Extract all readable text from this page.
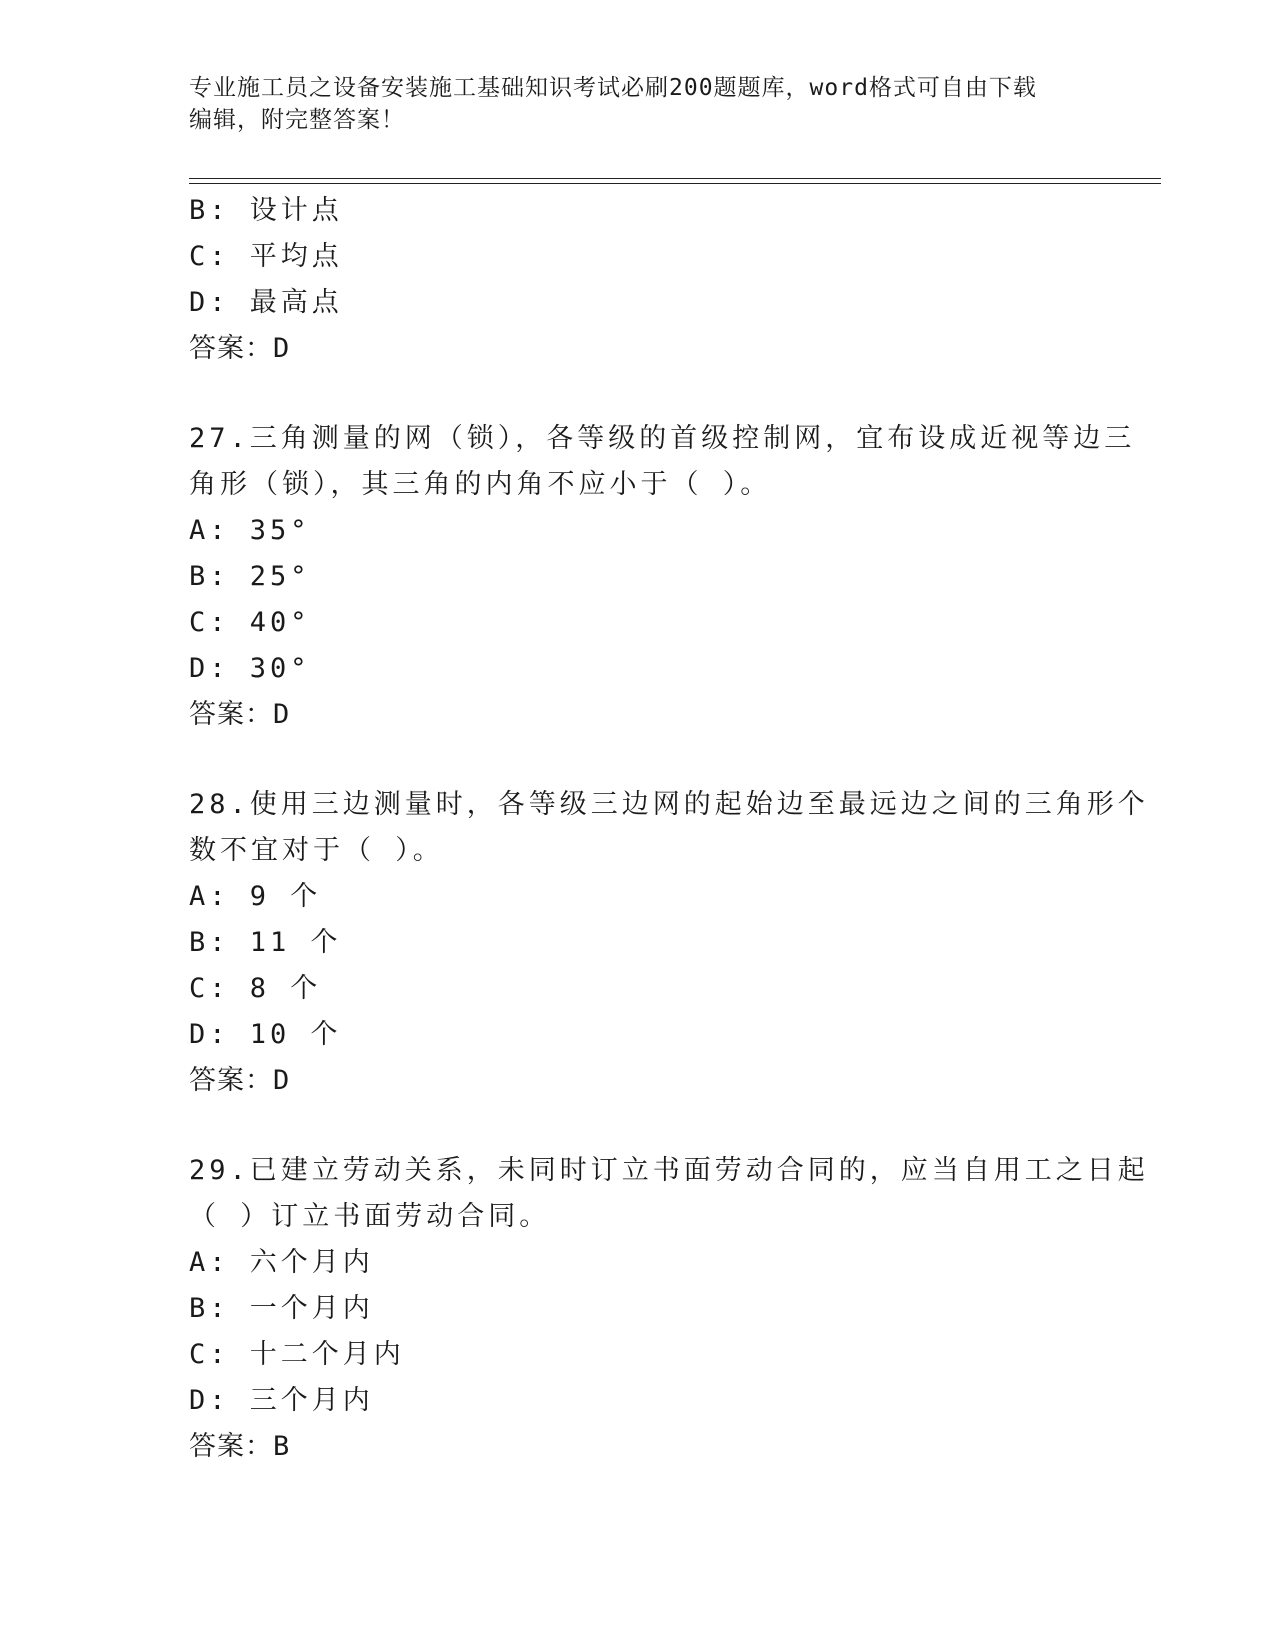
专业施工员之设备安装施工基础知识考试必刷200题题库，word格式可自由下载
编辑，附完整答案！
B: 设计点
C: 平均点
D: 最高点
答案：D
27.三角测量的网（锁），各等级的首级控制网，宜布设成近视等边三
角形（锁），其三角的内角不应小于（ ）。
A: 35°
B: 25°
C: 40°
D: 30°
答案：D
28.使用三边测量时，各等级三边网的起始边至最远边之间的三角形个
数不宜对于（ ）。
A: 9 个
B: 11 个
C: 8 个
D: 10 个
答案：D
29.已建立劳动关系，未同时订立书面劳动合同的，应当自用工之日起
（ ）订立书面劳动合同。
A: 六个月内
B: 一个月内
C: 十二个月内
D: 三个月内
答案：B
